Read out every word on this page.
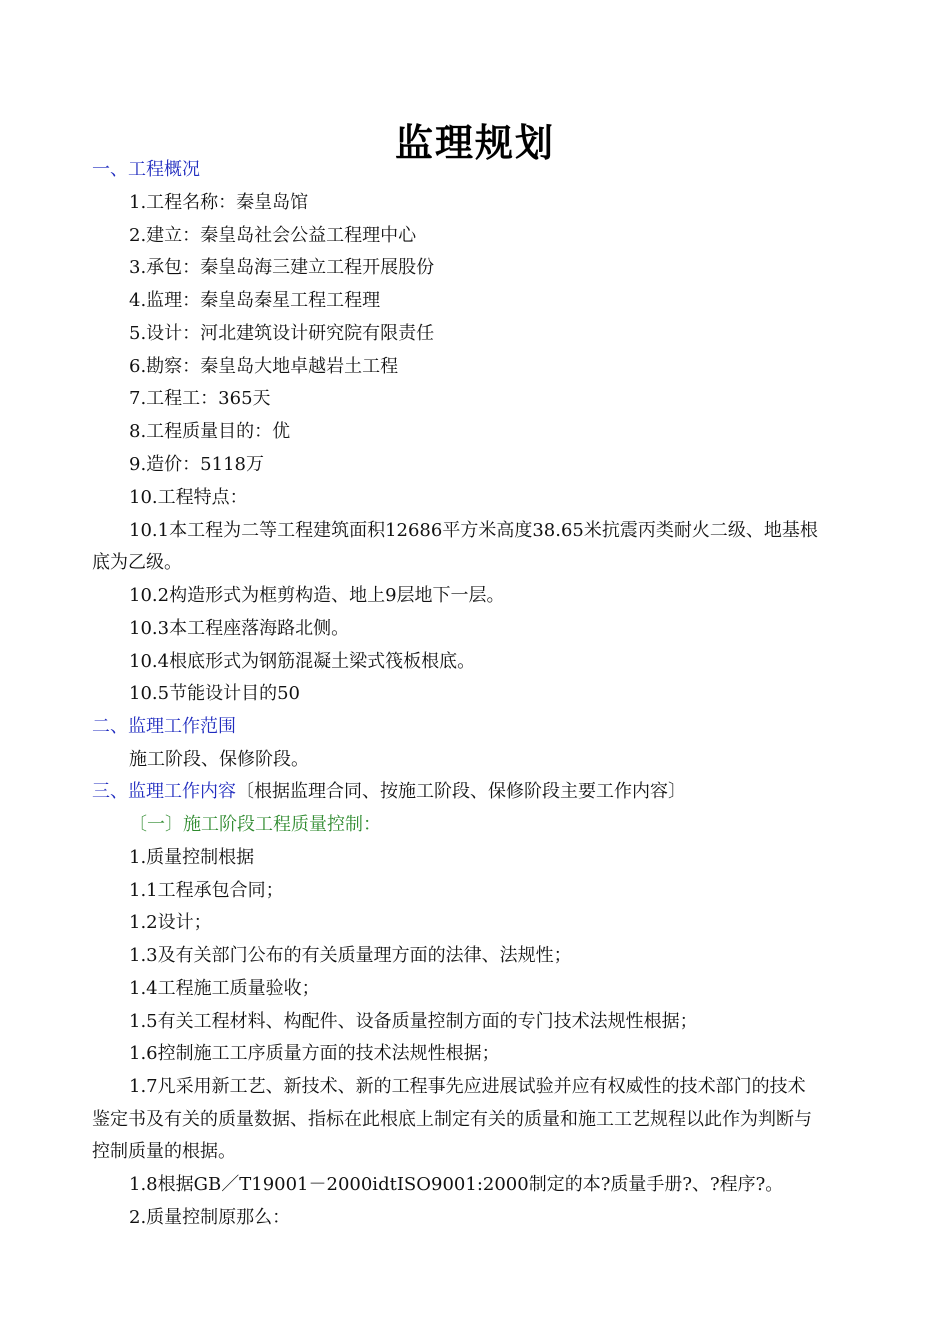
监理规划
一、工程概况
1.工程名称：秦皇岛馆
2.建立：秦皇岛社会公益工程理中心
3.承包：秦皇岛海三建立工程开展股份
4.监理：秦皇岛秦星工程工程理
5.设计：河北建筑设计研究院有限责任
6.勘察：秦皇岛大地卓越岩土工程
7.工程工：365天
8.工程质量目的：优
9.造价：5118万
10.工程特点：
10.1本工程为二等工程建筑面积12686平方米高度38.65米抗震丙类耐火二级、地基根
底为乙级。
10.2构造形式为框剪构造、地上9层地下一层。
10.3本工程座落海路北侧。
10.4根底形式为钢筋混凝土梁式筏板根底。
10.5节能设计目的50
二、监理工作范围
施工阶段、保修阶段。
三、监理工作内容〔根据监理合同、按施工阶段、保修阶段主要工作内容〕
〔一〕施工阶段工程质量控制：
1.质量控制根据
1.1工程承包合同；
1.2设计；
1.3及有关部门公布的有关质量理方面的法律、法规性；
1.4工程施工质量验收；
1.5有关工程材料、构配件、设备质量控制方面的专门技术法规性根据；
1.6控制施工工序质量方面的技术法规性根据；
1.7凡采用新工艺、新技术、新的工程事先应进展试验并应有权威性的技术部门的技术
鉴定书及有关的质量数据、指标在此根底上制定有关的质量和施工工艺规程以此作为判断与
控制质量的根据。
1.8根据GB／T19001－2000idtISO9001:2000制定的本?质量手册?、?程序?。
2.质量控制原那么：
